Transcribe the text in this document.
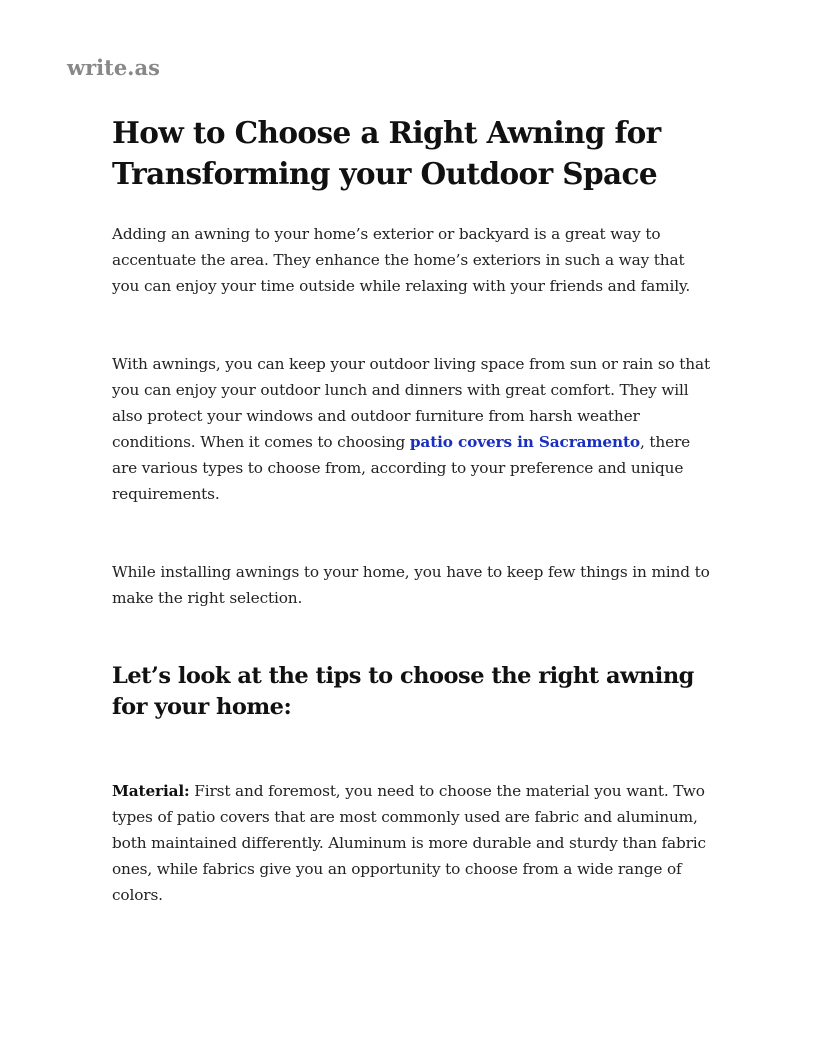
write.as
How to Choose a Right Awning for Transforming your Outdoor Space

Adding an awning to your home’s exterior or backyard is a great way to accentuate the area. They enhance the home’s exteriors in such a way that you can enjoy your time outside while relaxing with your friends and family.

With awnings, you can keep your outdoor living space from sun or rain so that you can enjoy your outdoor lunch and dinners with great comfort. They will also protect your windows and outdoor furniture from harsh weather conditions. When it comes to choosing patio covers in Sacramento, there are various types to choose from, according to your preference and unique requirements.

While installing awnings to your home, you have to keep few things in mind to make the right selection.

Let’s look at the tips to choose the right awning for your home:

Material: First and foremost, you need to choose the material you want. Two types of patio covers that are most commonly used are fabric and aluminum, both maintained differently. Aluminum is more durable and sturdy than fabric ones, while fabrics give you an opportunity to choose from a wide range of colors.
